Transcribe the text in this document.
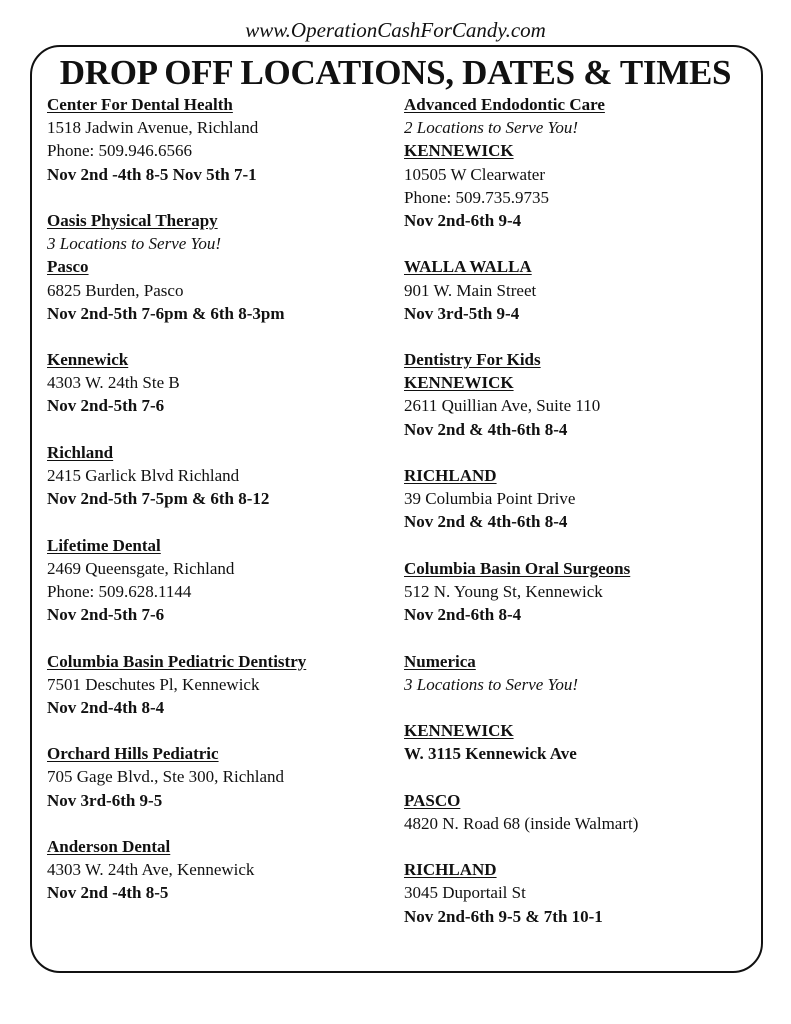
www.OperationCashForCandy.com
DROP OFF LOCATIONS, DATES & TIMES
Center For Dental Health
1518 Jadwin Avenue, Richland
Phone: 509.946.6566
Nov 2nd -4th 8-5 Nov 5th 7-1
Oasis Physical Therapy
3 Locations to Serve You!
Pasco
6825 Burden, Pasco
Nov 2nd-5th 7-6pm & 6th 8-3pm
Kennewick
4303 W. 24th Ste B
Nov 2nd-5th 7-6
Richland
2415 Garlick Blvd Richland
Nov 2nd-5th 7-5pm & 6th 8-12
Lifetime Dental
2469 Queensgate, Richland
Phone: 509.628.1144
Nov 2nd-5th 7-6
Columbia Basin Pediatric Dentistry
7501 Deschutes Pl, Kennewick
Nov 2nd-4th 8-4
Orchard Hills Pediatric
705 Gage Blvd., Ste 300, Richland
Nov 3rd-6th 9-5
Anderson Dental
4303 W. 24th Ave, Kennewick
Nov 2nd -4th 8-5
Advanced Endodontic Care
2 Locations to Serve You!
KENNEWICK
10505 W Clearwater
Phone: 509.735.9735
Nov 2nd-6th 9-4
WALLA WALLA
901 W. Main Street
Nov 3rd-5th 9-4
Dentistry For Kids
KENNEWICK
2611 Quillian Ave, Suite 110
Nov 2nd & 4th-6th 8-4
RICHLAND
39 Columbia Point Drive
Nov 2nd & 4th-6th 8-4
Columbia Basin Oral Surgeons
512 N. Young St, Kennewick
Nov 2nd-6th 8-4
Numerica
3 Locations to Serve You!
KENNEWICK
W. 3115 Kennewick Ave
PASCO
4820 N. Road 68 (inside Walmart)
RICHLAND
3045 Duportail St
Nov 2nd-6th 9-5 & 7th 10-1
